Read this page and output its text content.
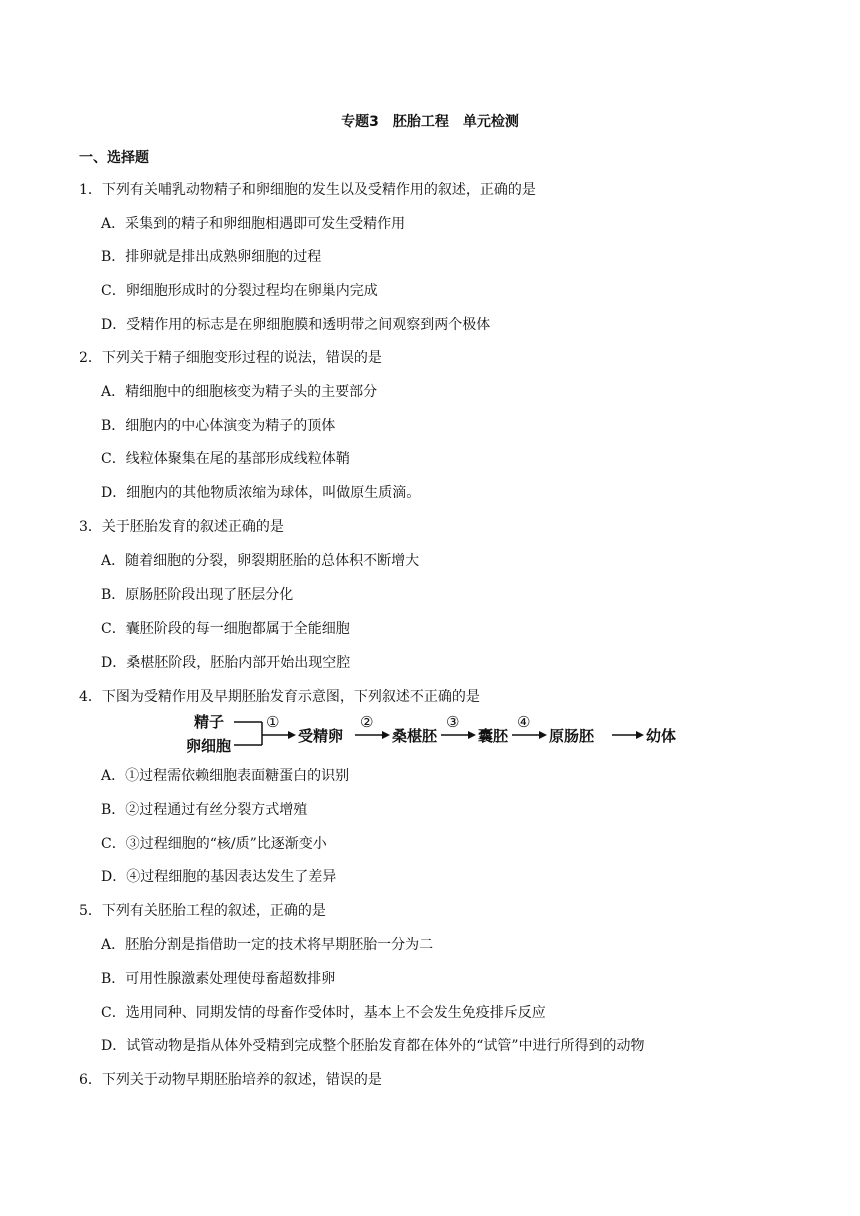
专题3　胚胎工程　单元检测
一、选择题
1．下列有关哺乳动物精子和卵细胞的发生以及受精作用的叙述，正确的是
A．采集到的精子和卵细胞相遇即可发生受精作用
B．排卵就是排出成熟卵细胞的过程
C．卵细胞形成时的分裂过程均在卵巢内完成
D．受精作用的标志是在卵细胞膜和透明带之间观察到两个极体
2．下列关于精子细胞变形过程的说法，错误的是
A．精细胞中的细胞核变为精子头的主要部分
B．细胞内的中心体演变为精子的顶体
C．线粒体聚集在尾的基部形成线粒体鞘
D．细胞内的其他物质浓缩为球体，叫做原生质滴。
3．关于胚胎发育的叙述正确的是
A．随着细胞的分裂，卵裂期胚胎的总体积不断增大
B．原肠胚阶段出现了胚层分化
C．囊胚阶段的每一细胞都属于全能细胞
D．桑椹胚阶段，胚胎内部开始出现空腔
4．下图为受精作用及早期胚胎发育示意图，下列叙述不正确的是
精子
卵细胞
①
受精卵
②
桑椹胚
③
囊胚
④
原肠胚	幼体
A．①过程需依赖细胞表面糖蛋白的识别
B．②过程通过有丝分裂方式增殖
C．③过程细胞的“核/质”比逐渐变小
D．④过程细胞的基因表达发生了差异
5．下列有关胚胎工程的叙述，正确的是
A．胚胎分割是指借助一定的技术将早期胚胎一分为二
B．可用性腺激素处理使母畜超数排卵
C．选用同种、同期发情的母畜作受体时，基本上不会发生免疫排斥反应
D．试管动物是指从体外受精到完成整个胚胎发育都在体外的“试管”中进行所得到的动物
6．下列关于动物早期胚胎培养的叙述，错误的是
